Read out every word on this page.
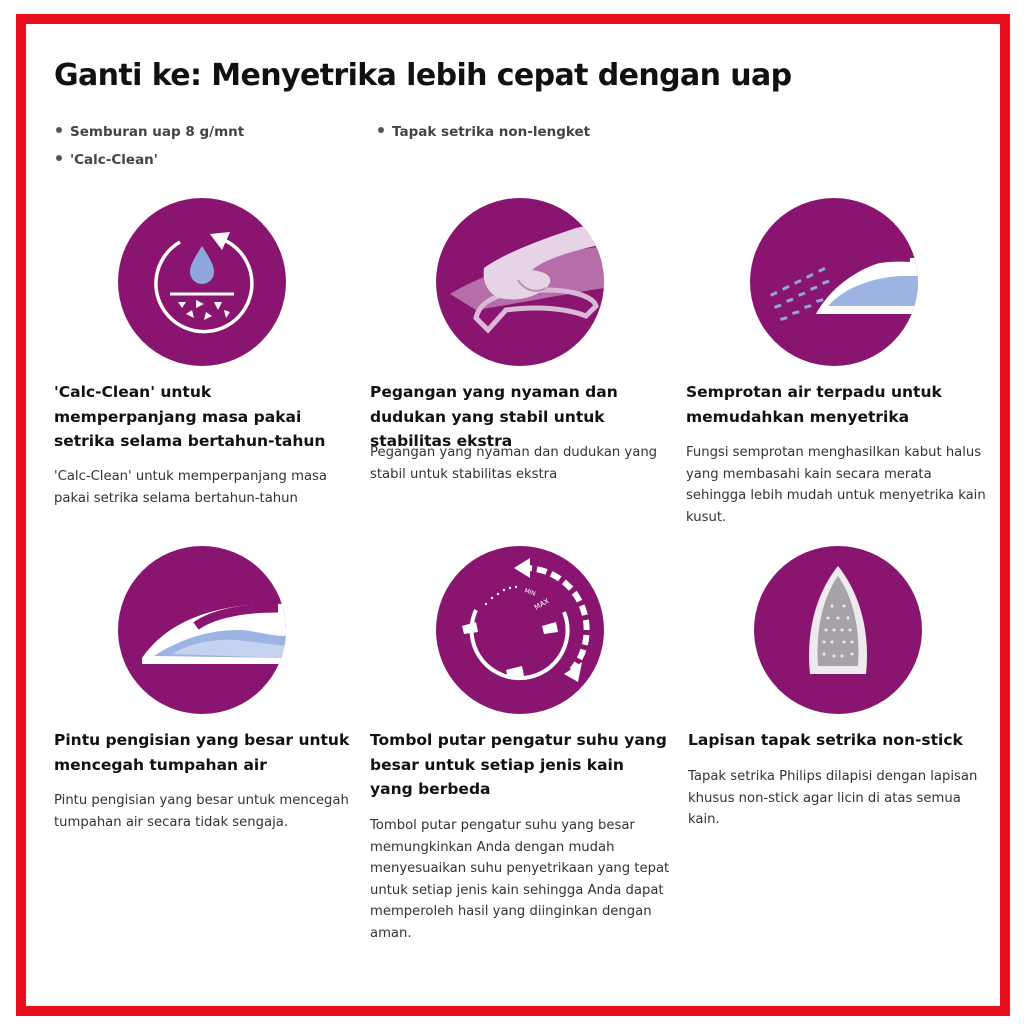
Ganti ke: Menyetrika lebih cepat dengan uap
Semburan uap 8 g/mnt	Tapak setrika non-lengket
'Calc-Clean'

'Calc-Clean' untuk memperpanjang masa pakai setrika selama bertahun-tahun

'Calc-Clean' untuk memperpanjang masa pakai setrika selama bertahun-tahun

Pegangan yang nyaman dan dudukan yang stabil untuk stabilitas ekstra

Pegangan yang nyaman dan dudukan yang stabil untuk stabilitas ekstra

Semprotan air terpadu untuk memudahkan menyetrika

Fungsi semprotan menghasilkan kabut halus yang membasahi kain secara merata sehingga lebih mudah untuk menyetrika kain kusut.

Pintu pengisian yang besar untuk mencegah tumpahan air

Pintu pengisian yang besar untuk mencegah tumpahan air secara tidak sengaja.

MIN
MAX

Tombol putar pengatur suhu yang besar untuk setiap jenis kain yang berbeda

Tombol putar pengatur suhu yang besar memungkinkan Anda dengan mudah menyesuaikan suhu penyetrikaan yang tepat untuk setiap jenis kain sehingga Anda dapat memperoleh hasil yang diinginkan dengan aman.

Lapisan tapak setrika non-stick

Tapak setrika Philips dilapisi dengan lapisan khusus non-stick agar licin di atas semua kain.
